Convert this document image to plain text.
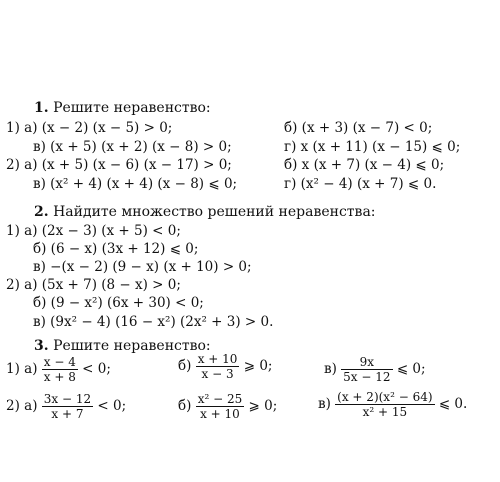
1. Решите неравенство:
1) а) (x − 2) (x − 5) > 0;	б) (x + 3) (x − 7) < 0;
в) (x + 5) (x + 2) (x − 8) > 0;	г) x (x + 11) (x − 15) ⩽ 0;
2) а) (x + 5) (x − 6) (x − 17) > 0;	б) x (x + 7) (x − 4) ⩽ 0;
в) (x² + 4) (x + 4) (x − 8) ⩽ 0;	г) (x² − 4) (x + 7) ⩽ 0.
2. Найдите множество решений неравенства:
1) а) (2x − 3) (x + 5) < 0;
б) (6 − x) (3x + 12) ⩽ 0;
в) −(x − 2) (9 − x) (x + 10) > 0;
2) а) (5x + 7) (8 − x) > 0;
б) (9 − x²) (6x + 30) < 0;
в) (9x² − 4) (16 − x²) (2x² + 3) > 0.
3. Решите неравенство:
1) $а) \frac{x - 4}{x + 8} < 0$;	$б) \frac{x + 10}{x - 3}$ ⩾ 0;	$в) \frac{9x}{5x - 12}$ ⩽ 0;
2) $а) \frac{3x - 12}{x + 7} < 0$;	$б) \frac{\text{x² − 25}}{x + 10}$ ⩾ 0;	$в) \frac{\text{(x + 2)(x² − 64)}}{\text{x² + 15}}$ ⩽ 0.
